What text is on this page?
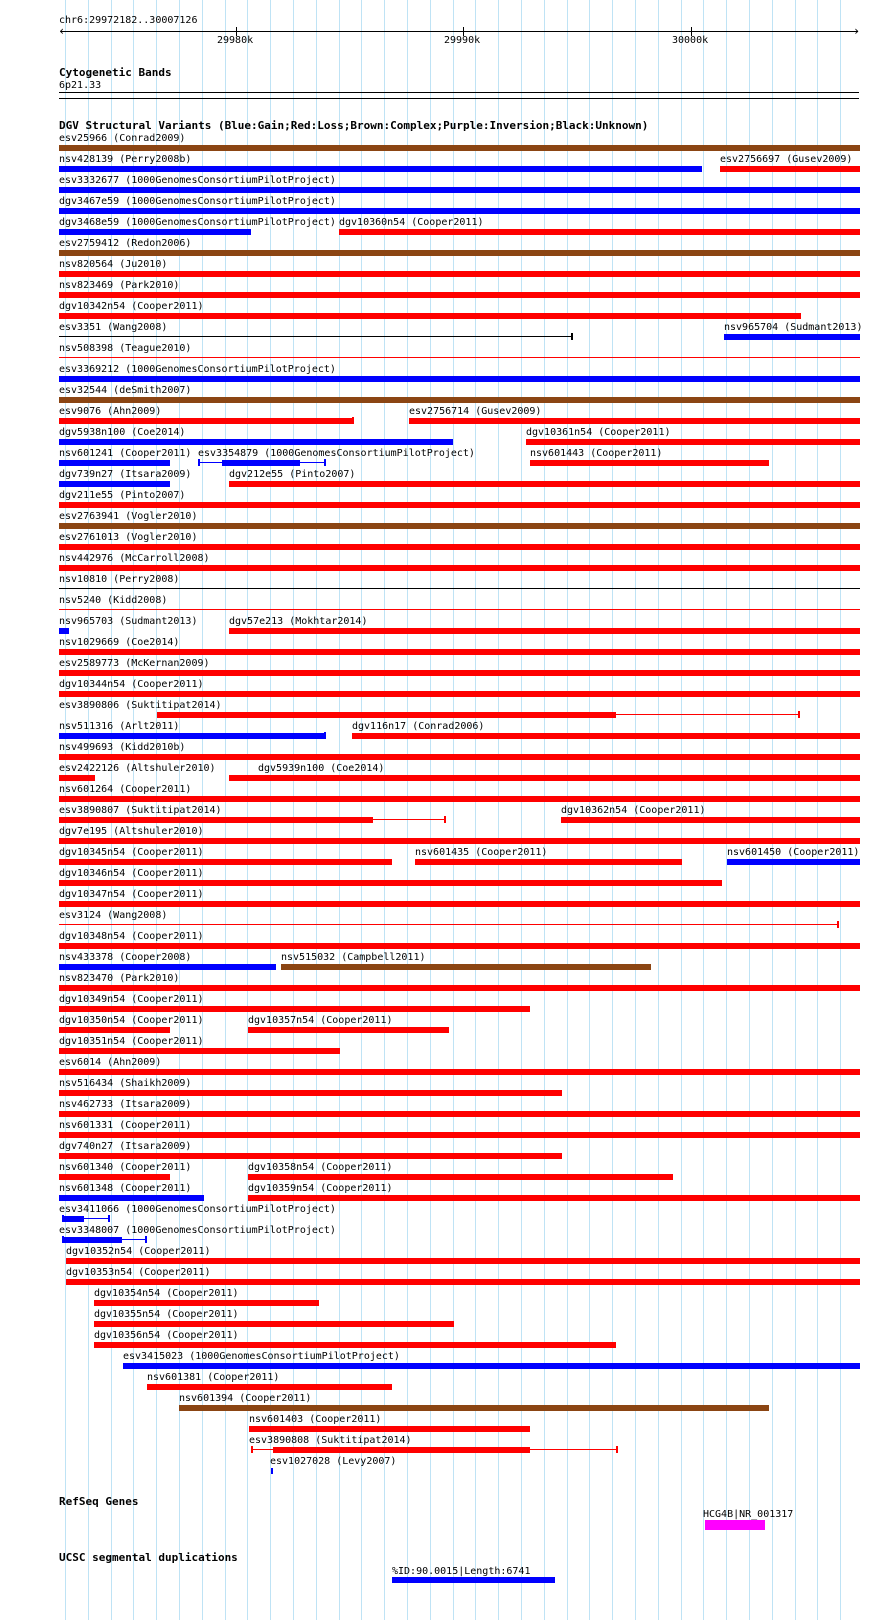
chr6:29972182..30007126
‹	›
29980k	29990k	30000k
Cytogenetic Bands
6p21.33
DGV Structural Variants (Blue:Gain;Red:Loss;Brown:Complex;Purple:Inversion;Black:Unknown)
esv25966 (Conrad2009)
nsv428139 (Perry2008b)	esv2756697 (Gusev2009)
esv3332677 (1000GenomesConsortiumPilotProject)
dgv3467e59 (1000GenomesConsortiumPilotProject)
dgv3468e59 (1000GenomesConsortiumPilotProject) dgv10360n54 (Cooper2011)
esv2759412 (Redon2006)
nsv820564 (Ju2010)
nsv823469 (Park2010)
dgv10342n54 (Cooper2011)
esv3351 (Wang2008)	nsv965704 (Sudmant2013)
nsv508398 (Teague2010)
esv3369212 (1000GenomesConsortiumPilotProject)
esv32544 (deSmith2007)
esv9076 (Ahn2009)	esv2756714 (Gusev2009)
dgv5938n100 (Coe2014)	dgv10361n54 (Cooper2011)
nsv601241 (Cooper2011) esv3354879 (1000GenomesConsortiumPilotProject)	nsv601443 (Cooper2011)
dgv739n27 (Itsara2009)	dgv212e55 (Pinto2007)
dgv211e55 (Pinto2007)
esv2763941 (Vogler2010)
esv2761013 (Vogler2010)
nsv442976 (McCarroll2008)
nsv10810 (Perry2008)
nsv5240 (Kidd2008)
nsv965703 (Sudmant2013)	dgv57e213 (Mokhtar2014)
nsv1029669 (Coe2014)
esv2589773 (McKernan2009)
dgv10344n54 (Cooper2011)
esv3890806 (Suktitipat2014)
nsv511316 (Arlt2011)	dgv116n17 (Conrad2006)
nsv499693 (Kidd2010b)
esv2422126 (Altshuler2010)	dgv5939n100 (Coe2014)
nsv601264 (Cooper2011)
esv3890807 (Suktitipat2014)	dgv10362n54 (Cooper2011)
dgv7e195 (Altshuler2010)
dgv10345n54 (Cooper2011)	nsv601435 (Cooper2011)	nsv601450 (Cooper2011)
dgv10346n54 (Cooper2011)
dgv10347n54 (Cooper2011)
esv3124 (Wang2008)
dgv10348n54 (Cooper2011)
nsv433378 (Cooper2008)	nsv515032 (Campbell2011)
nsv823470 (Park2010)
dgv10349n54 (Cooper2011)
dgv10350n54 (Cooper2011)	dgv10357n54 (Cooper2011)
dgv10351n54 (Cooper2011)
esv6014 (Ahn2009)
nsv516434 (Shaikh2009)
nsv462733 (Itsara2009)
nsv601331 (Cooper2011)
dgv740n27 (Itsara2009)
nsv601340 (Cooper2011)	dgv10358n54 (Cooper2011)
nsv601348 (Cooper2011)	dgv10359n54 (Cooper2011)
esv3411066 (1000GenomesConsortiumPilotProject)
esv3348007 (1000GenomesConsortiumPilotProject)
dgv10352n54 (Cooper2011)
dgv10353n54 (Cooper2011)
dgv10354n54 (Cooper2011)
dgv10355n54 (Cooper2011)
dgv10356n54 (Cooper2011)
esv3415023 (1000GenomesConsortiumPilotProject)
nsv601381 (Cooper2011)
nsv601394 (Cooper2011)
nsv601403 (Cooper2011)
esv3890808 (Suktitipat2014)
esv1027028 (Levy2007)
RefSeq Genes
HCG4B|NR_001317
UCSC segmental duplications
%ID:90.0015|Length:6741
